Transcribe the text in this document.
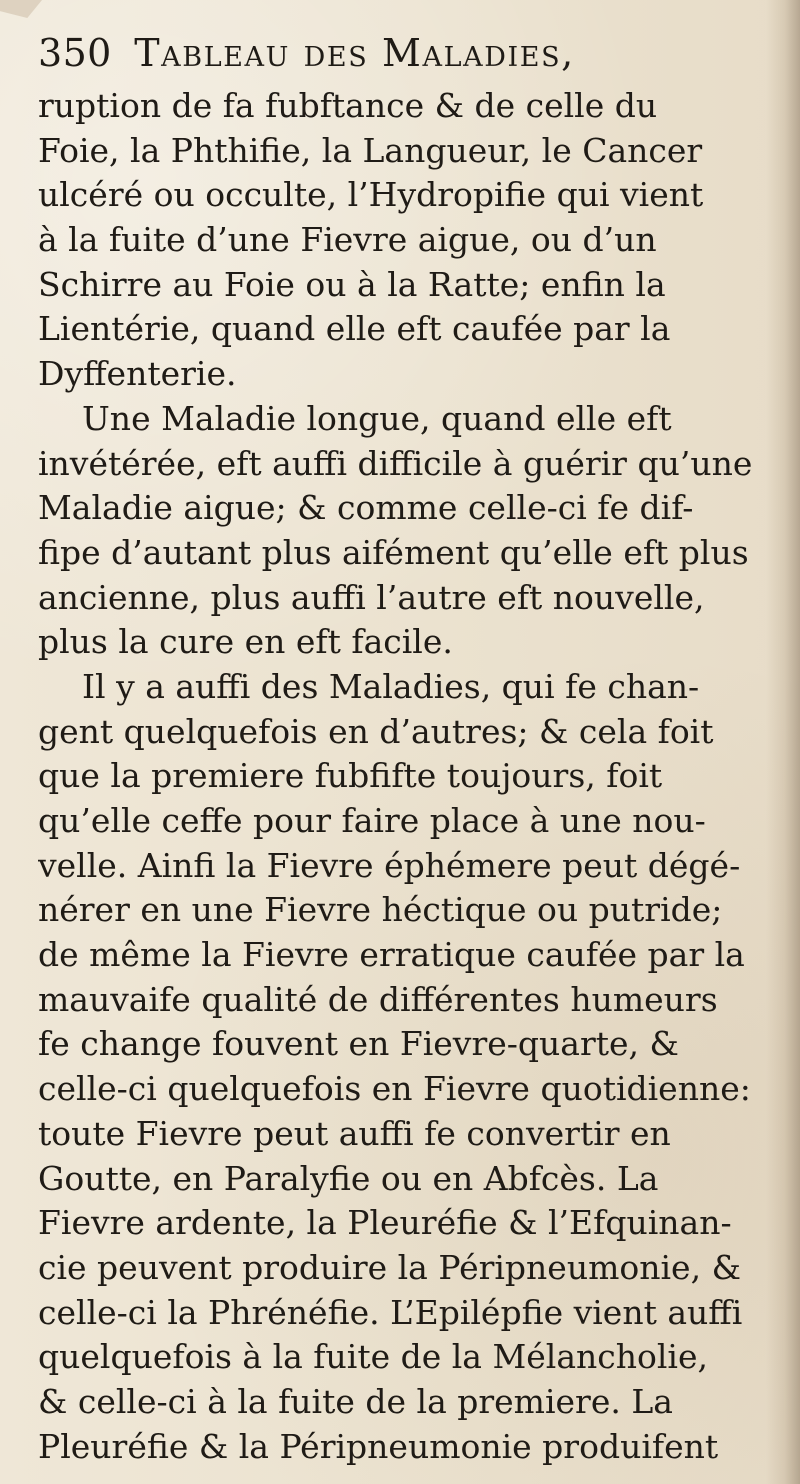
350 Tableau des Maladies,
ruption de fa fubftance & de celle du
Foie, la Phthifie, la Langueur, le Cancer
ulcéré ou occulte, l’Hydropifie qui vient
à la fuite d’une Fievre aigue, ou d’un
Schirre au Foie ou à la Ratte; enfin la
Lientérie, quand elle eft caufée par la
Dyffenterie.
Une Maladie longue, quand elle eft
invétérée, eft auffi difficile à guérir qu’une
Maladie aigue; & comme celle-ci fe dif-
fipe d’autant plus aifément qu’elle eft plus
ancienne, plus auffi l’autre eft nouvelle,
plus la cure en eft facile.
Il y a auffi des Maladies, qui fe chan-
gent quelquefois en d’autres; & cela foit
que la premiere fubfifte toujours, foit
qu’elle ceffe pour faire place à une nou-
velle. Ainfi la Fievre éphémere peut dégé-
nérer en une Fievre héctique ou putride;
de même la Fievre erratique caufée par la
mauvaife qualité de différentes humeurs
fe change fouvent en Fievre-quarte, &
celle-ci quelquefois en Fievre quotidienne:
toute Fievre peut auffi fe convertir en
Goutte, en Paralyfie ou en Abfcès. La
Fievre ardente, la Pleuréfie & l’Efquinan-
cie peuvent produire la Péripneumonie, &
celle-ci la Phrénéfie. L’Epilépfie vient auffi
quelquefois à la fuite de la Mélancholie,
& celle-ci à la fuite de la premiere. La
Pleuréfie & la Péripneumonie produifent
